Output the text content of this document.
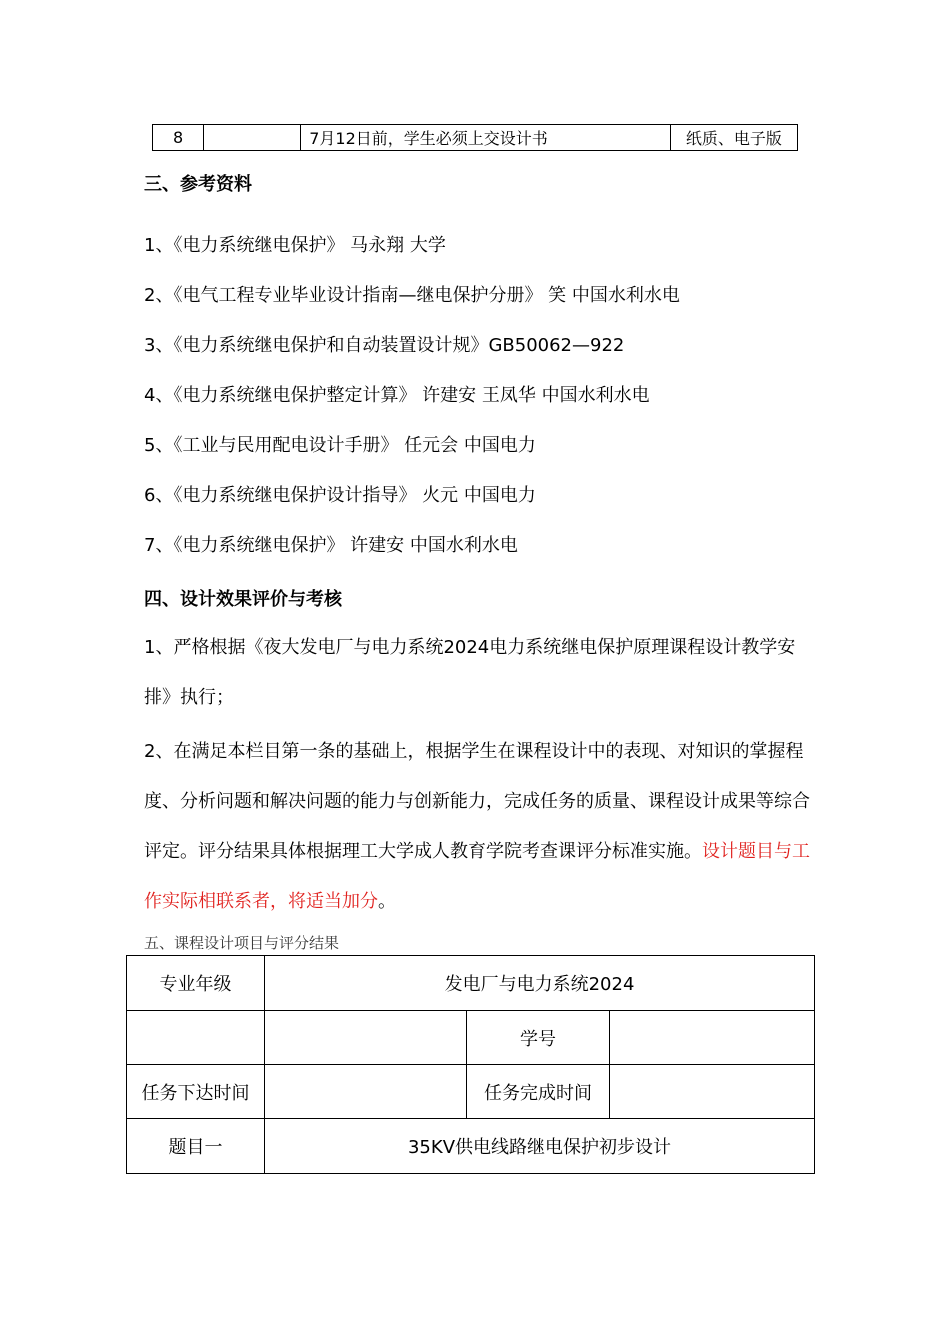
8		7月12日前，学生必须上交设计书	纸质、电子版

三、参考资料

1、《电力系统继电保护》 马永翔 大学

2、《电气工程专业毕业设计指南—继电保护分册》 笑 中国水利水电

3、《电力系统继电保护和自动装置设计规》GB50062—922

4、《电力系统继电保护整定计算》 许建安 王凤华 中国水利水电

5、《工业与民用配电设计手册》 任元会 中国电力

6、《电力系统继电保护设计指导》 火元 中国电力

7、《电力系统继电保护》 许建安 中国水利水电

四、设计效果评价与考核

1、严格根据《夜大发电厂与电力系统2024电力系统继电保护原理课程设计教学安排》执行；

2、在满足本栏目第一条的基础上，根据学生在课程设计中的表现、对知识的掌握程度、分析问题和解决问题的能力与创新能力，完成任务的质量、课程设计成果等综合评定。评分结果具体根据理工大学成人教育学院考查课评分标准实施。设计题目与工作实际相联系者，将适当加分。

五、课程设计项目与评分结果

专业年级	发电厂与电力系统2024		
		学号	
任务下达时间		任务完成时间	
题目一	35KV供电线路继电保护初步设计		
